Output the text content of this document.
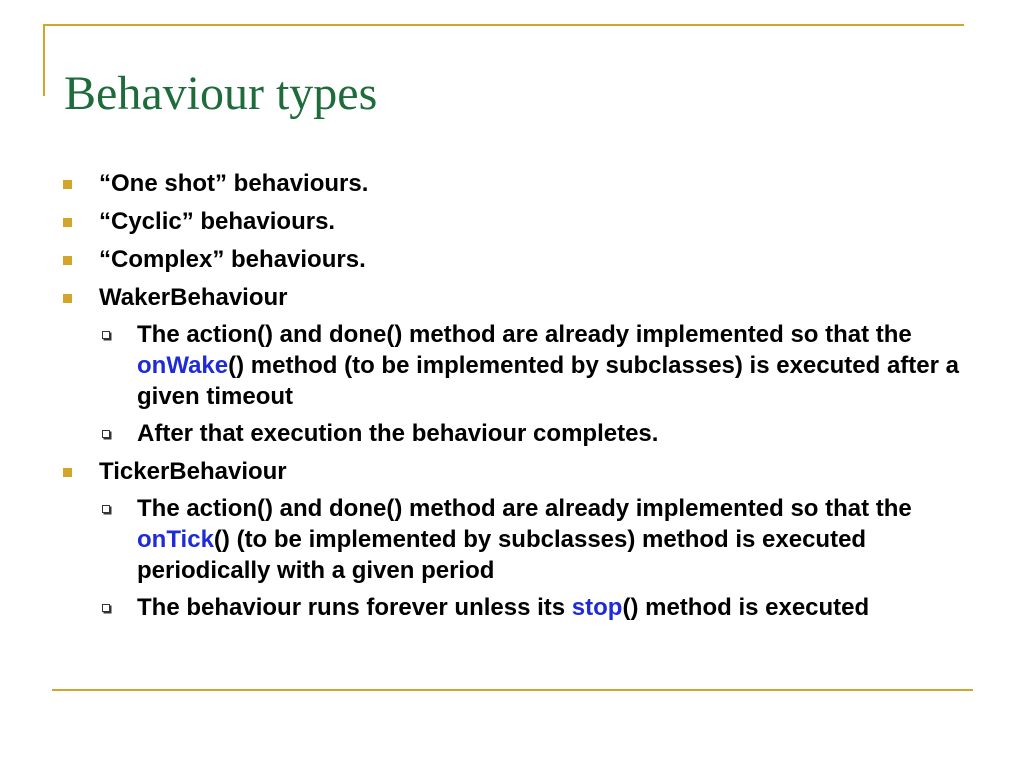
Behaviour types
“One shot” behaviours.
“Cyclic” behaviours.
“Complex” behaviours.
WakerBehaviour
The action() and done() method are already implemented so that the onWake() method (to be implemented by subclasses) is executed after a given timeout
After that execution the behaviour completes.
TickerBehaviour
The action() and done() method are already implemented so that the onTick() (to be implemented by subclasses) method is executed periodically with a given period
The behaviour runs forever unless its stop() method is executed
